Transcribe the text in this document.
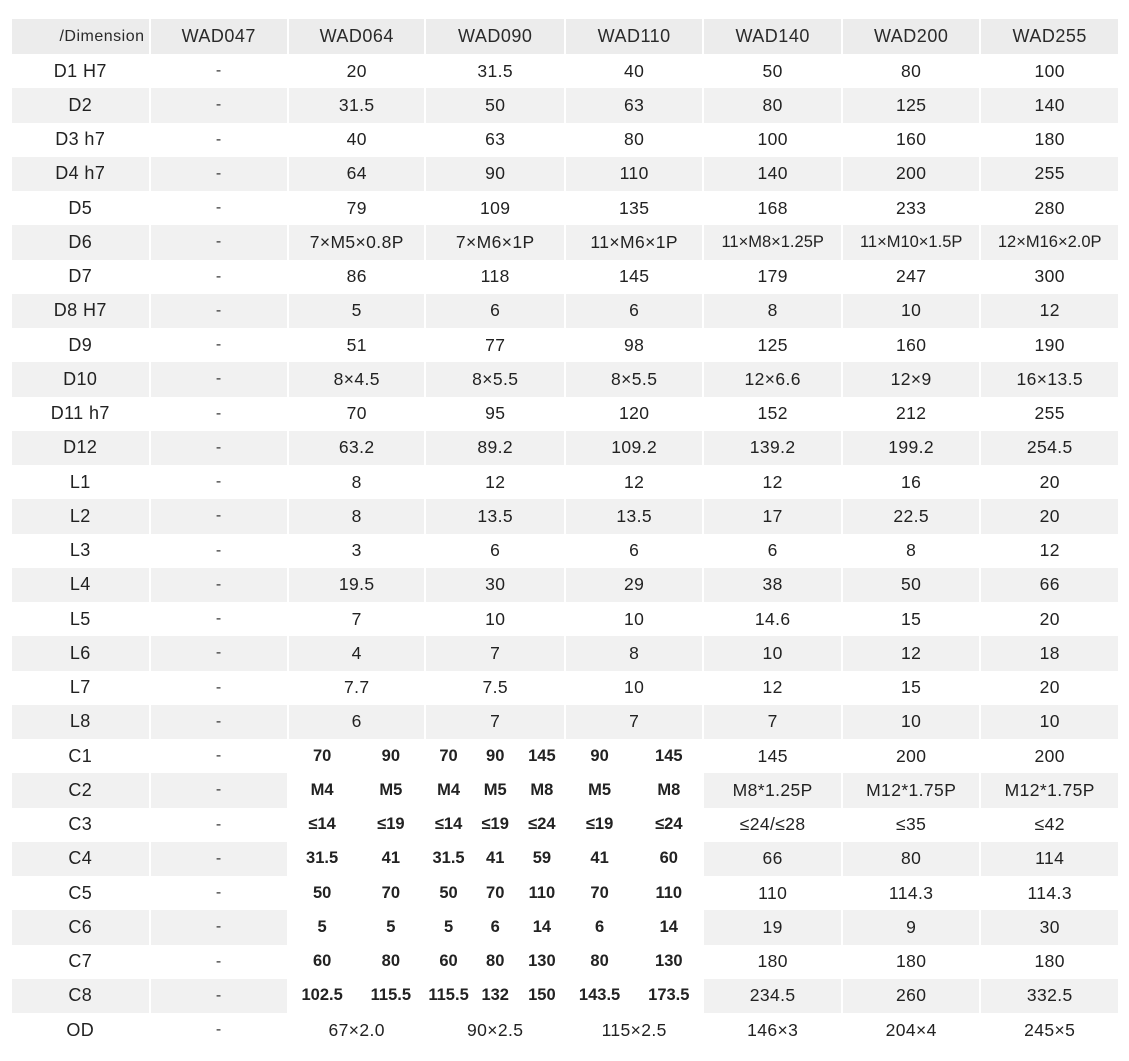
/Dimension	WAD047	WAD064		WAD090			WAD110		WAD140	WAD200	WAD255
D1 H7	-	20		31.5			40		50	80	100
D2	-	31.5		50			63		80	125	140
D3 h7	-	40		63			80		100	160	180
D4 h7	-	64		90			110		140	200	255
D5	-	79		109			135		168	233	280
D6	-	7×M5×0.8P		7×M6×1P			11×M6×1P		11×M8×1.25P	11×M10×1.5P	12×M16×2.0P
D7	-	86		118			145		179	247	300
D8 H7	-	5		6			6		8	10	12
D9	-	51		77			98		125	160	190
D10	-	8×4.5		8×5.5			8×5.5		12×6.6	12×9	16×13.5
D11 h7	-	70		95			120		152	212	255
D12	-	63.2		89.2			109.2		139.2	199.2	254.5
L1	-	8		12			12		12	16	20
L2	-	8		13.5			13.5		17	22.5	20
L3	-	3		6			6		6	8	12
L4	-	19.5		30			29		38	50	66
L5	-	7		10			10		14.6	15	20
L6	-	4		7			8		10	12	18
L7	-	7.7		7.5			10		12	15	20
L8	-	6		7			7		7	10	10
C1	-	70	90	70	90	145	90	145	145	200	200
C2	-	M4	M5	M4	M5	M8	M5	M8	M8*1.25P	M12*1.75P	M12*1.75P
C3	-	≤14	≤19	≤14	≤19	≤24	≤19	≤24	≤24/≤28	≤35	≤42
C4	-	31.5	41	31.5	41	59	41	60	66	80	114
C5	-	50	70	50	70	110	70	110	110	114.3	114.3
C6	-	5	5	5	6	14	6	14	19	9	30
C7	-	60	80	60	80	130	80	130	180	180	180
C8	-	102.5	115.5	115.5	132	150	143.5	173.5	234.5	260	332.5
OD	-	67×2.0		90×2.5			115×2.5		146×3	204×4	245×5
